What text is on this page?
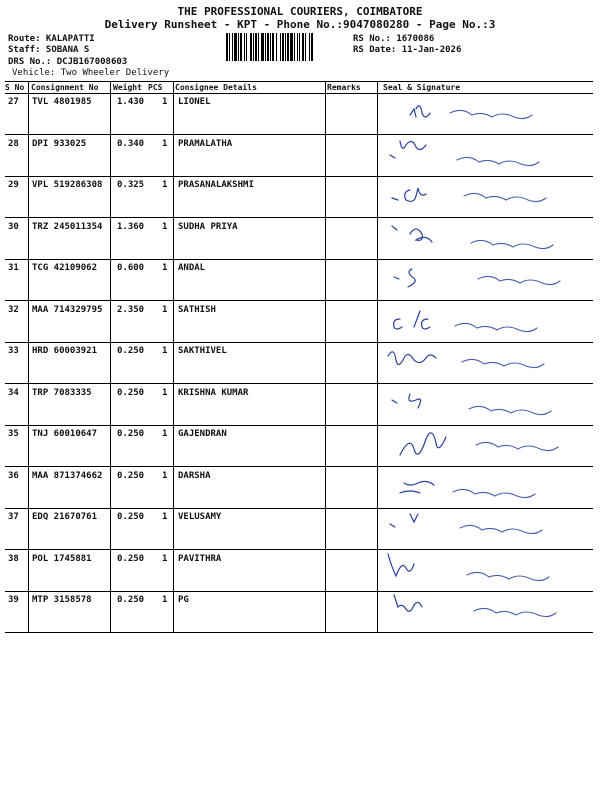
THE PROFESSIONAL COURIERS, COIMBATORE
Delivery Runsheet - KPT - Phone No.:9047080280 - Page No.:3
Route: KALAPATTI
Staff: SOBANA S
DRS No.: DCJB167008603
Vehicle: Two Wheeler Delivery
RS No.: 1670086
RS Date: 11-Jan-2026
S No Consignment No Weight PCS Consignee Details	Remarks	Seal & Signature
27 TVL 4801985	1.430 1 LIONEL
28 DPI 933025	0.340 1 PRAMALATHA
29 VPL 519286308 0.325 1 PRASANALAKSHMI
30 TRZ 245011354 1.360 1 SUDHA PRIYA
31 TCG 42109062 0.600 1 ANDAL
32 MAA 714329795 2.350 1 SATHISH
33 HRD 60003921 0.250 1 SAKTHIVEL
34 TRP 7083335	0.250 1 KRISHNA KUMAR
35 TNJ 60010647 0.250 1 GAJENDRAN
36 MAA 871374662 0.250 1 DARSHA
37 EDQ 21670761 0.250 1 VELUSAMY
38 POL 1745881	0.250 1 PAVITHRA
39 MTP 3158578	0.250 1 PG
